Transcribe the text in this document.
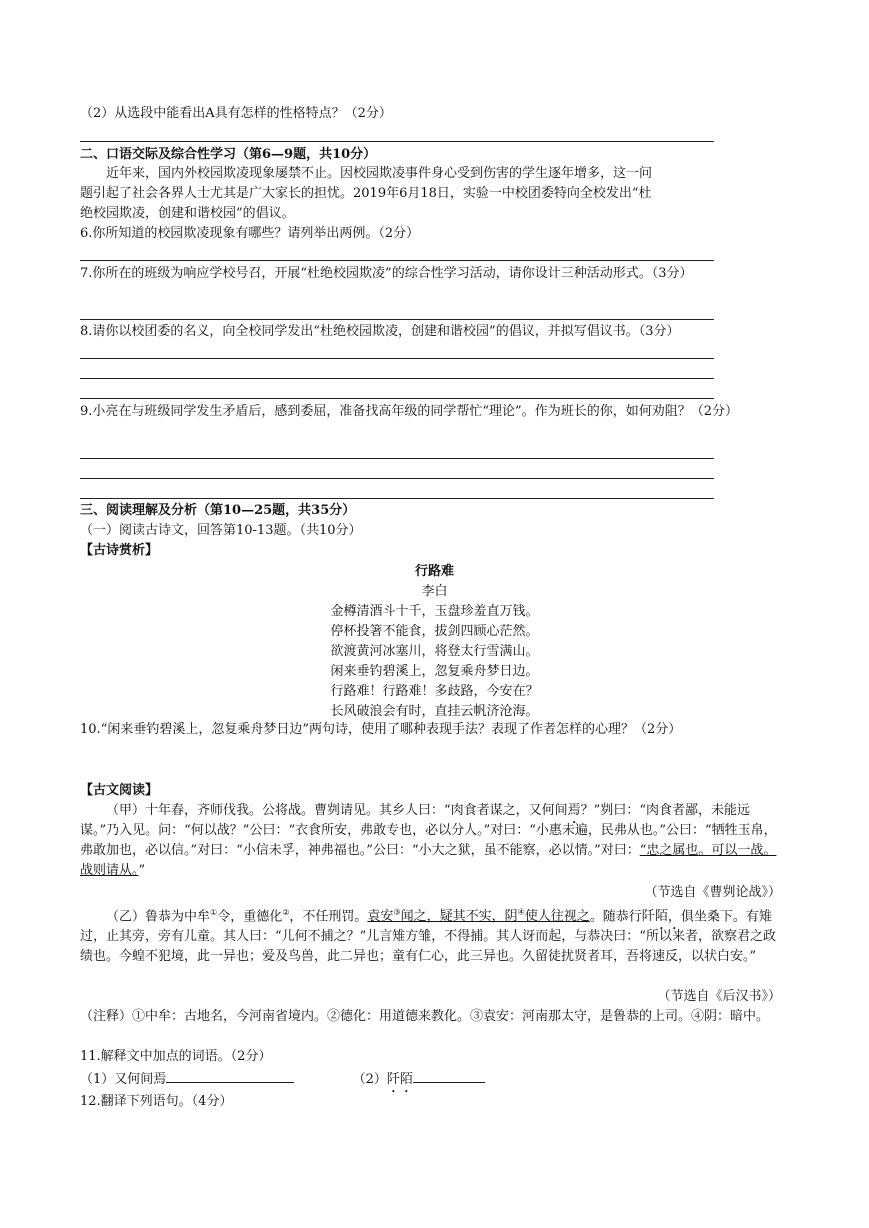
（2）从选段中能看出A具有怎样的性格特点？（2分）
二、口语交际及综合性学习（第6—9题，共10分）
近年来，国内外校园欺凌现象屡禁不止。因校园欺凌事件身心受到伤害的学生逐年增多，这一问题引起了社会各界人士尤其是广大家长的担忧。2019年6月18日，实验一中校团委特向全校发出“杜绝校园欺凌，创建和谐校园”的倡议。
6.你所知道的校园欺凌现象有哪些？请列举出两例。（2分）
7.你所在的班级为响应学校号召，开展“杜绝校园欺凌”的综合性学习活动，请你设计三种活动形式。（3分）
8.请你以校团委的名义，向全校同学发出“杜绝校园欺凌，创建和谐校园”的倡议，并拟写倡议书。（3分）
9.小亮在与班级同学发生矛盾后，感到委屈，准备找高年级的同学帮忙“理论”。作为班长的你，如何劝阻？（2分）
三、阅读理解及分析（第10—25题，共35分）
（一）阅读古诗文，回答第10-13题。（共10分）
【古诗赏析】
行路难
李白
金樽清酒斗十千，玉盘珍羞直万钱。
停杯投箸不能食，拔剑四顾心茫然。
欲渡黄河冰塞川，将登太行雪满山。
闲来垂钓碧溪上，忽复乘舟梦日边。
行路难！行路难！多歧路，今安在？
长风破浪会有时，直挂云帆济沧海。
10.“闲来垂钓碧溪上，忽复乘舟梦日边”两句诗，使用了哪种表现手法？表现了作者怎样的心理？（2分）
【古文阅读】
（甲）十年春，齐师伐我。公将战。曹刿请见。其乡人曰：“肉食者谋之，又何间焉？”刿曰：“肉食者鄙，未能远谋。”乃入见。问：“何以战？”公曰：“衣食所安，弗敢专也，必以分人。”对曰：“小惠未遍，民弗从也。”公曰：“牺牲玉帛，弗敢加也，必以信。”对曰：“小信未孚，神弗福也。”公曰：“小大之狱，虽不能察，必以情。”对曰：“忠之属也。可以一战。战则请从。”
（节选自《曹刿论战》）
（乙）鲁恭为中牟①令，重德化②，不任刑罚。袁安③闻之，疑其不实，阴④使人往视之。随恭行阡陌，俱坐桑下。有雉过，止其旁，旁有儿童。其人曰：“儿何不捕之？”儿言雉方雏，不得捕。其人讶而起，与恭决曰：“所以来者，欲察君之政绩也。今蝗不犯境，此一异也；爱及鸟兽，此二异也；童有仁心，此三异也。久留徒扰贤者耳，吾将速反，以状白安。”
（节选自《后汉书》）
（注释）①中牟：古地名，今河南省境内。②德化：用道德来教化。③袁安：河南那太守，是鲁恭的上司。④阴：暗中。
11.解释文中加点的词语。（2分）
（1）又何间焉	（2）阡陌
12.翻译下列语句。（4分）
